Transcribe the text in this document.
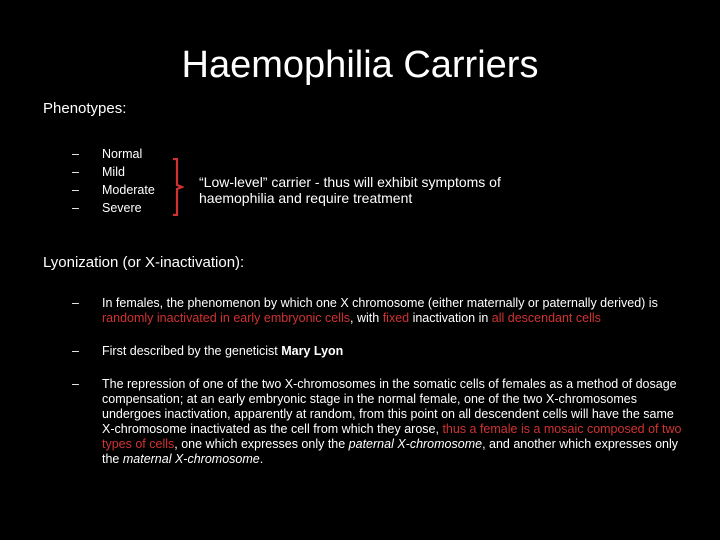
Haemophilia Carriers
Phenotypes:
–	Normal
–	Mild
–	Moderate
–	Severe
“Low-level” carrier - thus will exhibit symptoms of haemophilia and require treatment
Lyonization (or X-inactivation):
–	In females, the phenomenon by which one X chromosome (either maternally or paternally derived) is randomly inactivated in early embryonic cells, with fixed inactivation in all descendant cells
–	First described by the geneticist Mary Lyon
–	The repression of one of the two X-chromosomes in the somatic cells of females as a method of dosage compensation; at an early embryonic stage in the normal female, one of the two X-chromosomes undergoes inactivation, apparently at random, from this point on all descendent cells will have the same X-chromosome inactivated as the cell from which they arose, thus a female is a mosaic composed of two types of cells, one which expresses only the paternal X-chromosome, and another which expresses only the maternal X-chromosome.
